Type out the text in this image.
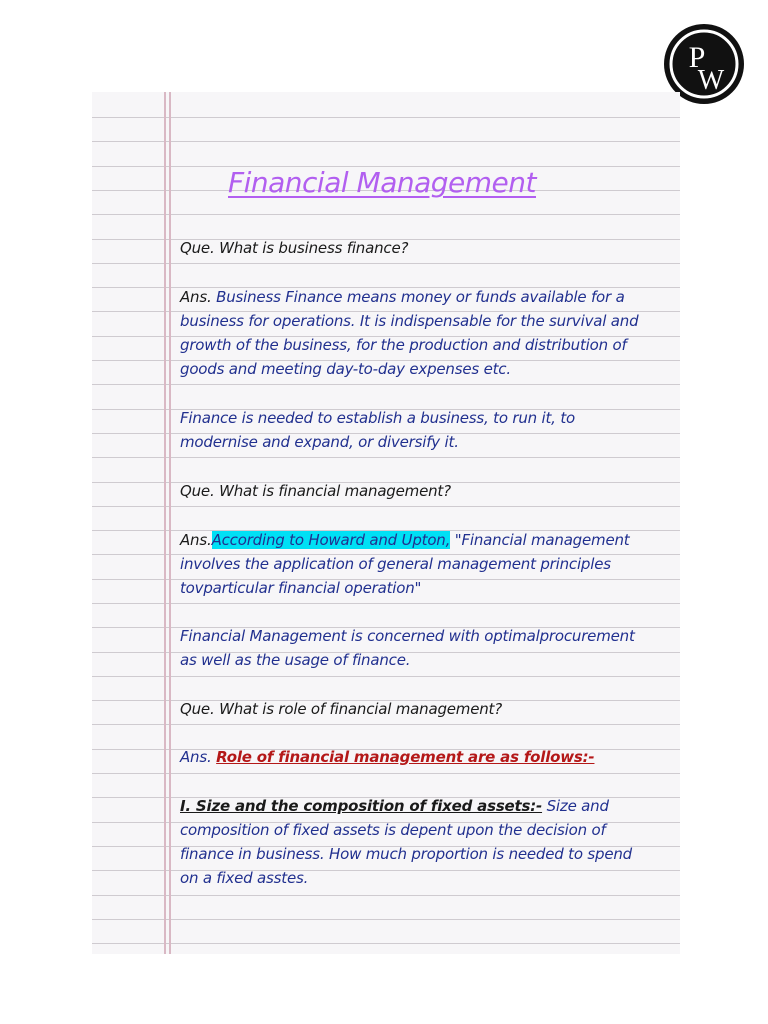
P
W
Financial Management
Que. What is business finance?
Ans. Business Finance means money or funds available for a
business for operations. It is indispensable for the survival and
growth of the business, for the production and distribution of
goods and meeting day-to-day expenses etc.
Finance is needed to establish a business, to run it, to
modernise and expand, or diversify it.
Que. What is financial management?
Ans.According to Howard and Upton, "Financial management
involves the application of general management principles
tovparticular financial operation"
Financial Management is concerned with optimalprocurement
as well as the usage of finance.
Que. What is role of financial management?
Ans. Role of financial management are as follows:-
I. Size and the composition of fixed assets:- Size and
composition of fixed assets is depent upon the decision of
finance in business. How much proportion is needed to spend
on a fixed asstes.
